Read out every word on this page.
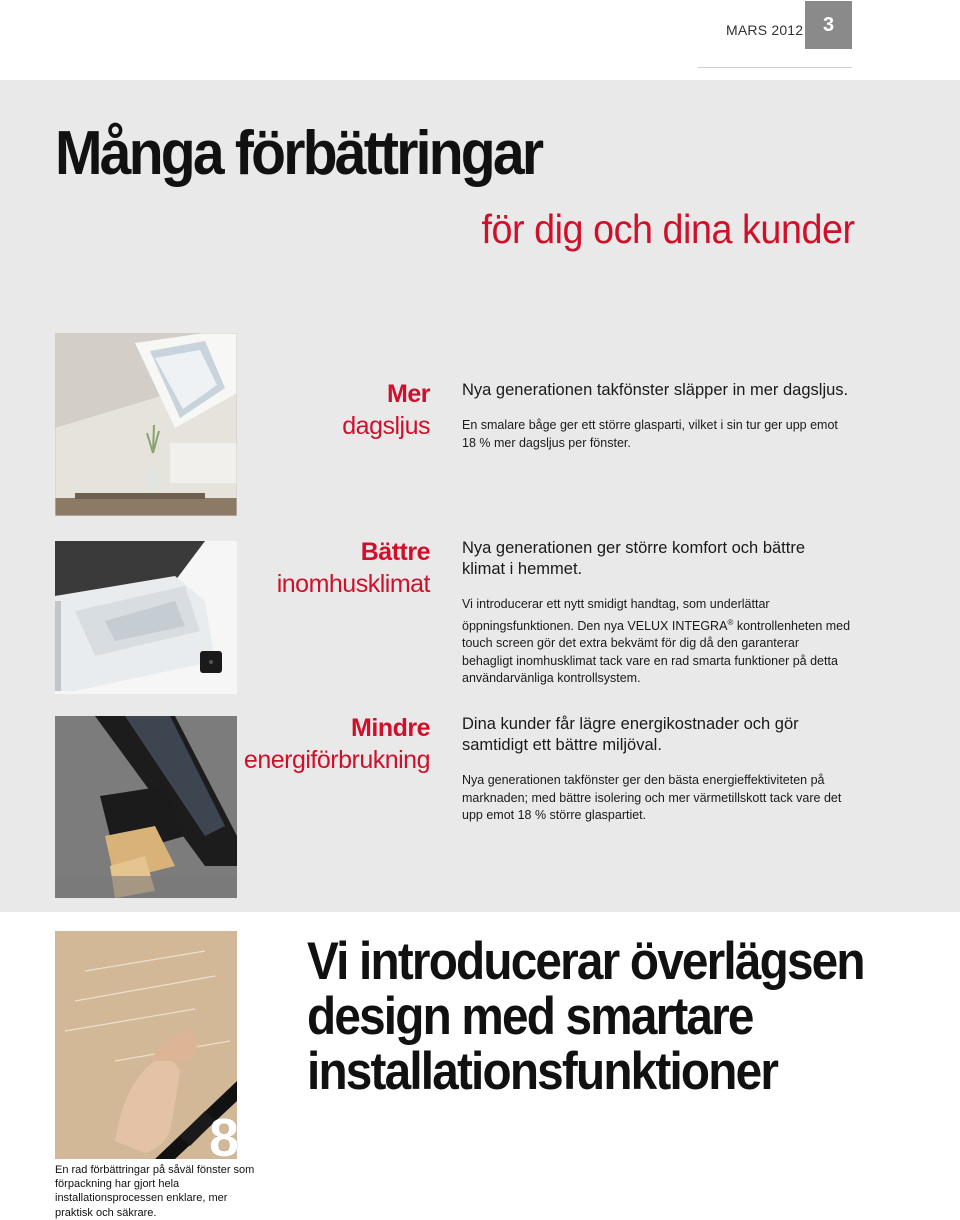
MARS 2012 3
Många förbättringar
för dig och dina kunder
Mer
dagsljus

Nya generationen takfönster släpper in mer dagsljus.

En smalare båge ger ett större glasparti, vilket i sin tur ger upp emot 18 % mer dagsljus per fönster.

Bättre
inomhusklimat

Nya generationen ger större komfort och bättre klimat i hemmet.

Vi introducerar ett nytt smidigt handtag, som underlättar öppningsfunktionen. Den nya VELUX INTEGRA® kontrollenheten med touch screen gör det extra bekvämt för dig då den garanterar behagligt inomhusklimat tack vare en rad smarta funktioner på detta användarvänliga kontrollsystem.

Mindre
energiförbrukning

Dina kunder får lägre energikostnader och gör samtidigt ett bättre miljöval.

Nya generationen takfönster ger den bästa energieffektiviteten på marknaden; med bättre isolering och mer värmetillskott tack vare det upp emot 18 % större glaspartiet.

8

En rad förbättringar på såväl fönster som förpackning har gjort hela installationsprocessen enklare, mer praktisk och säkrare.

Vi introducerar överlägsen
design med smartare
installationsfunktioner
